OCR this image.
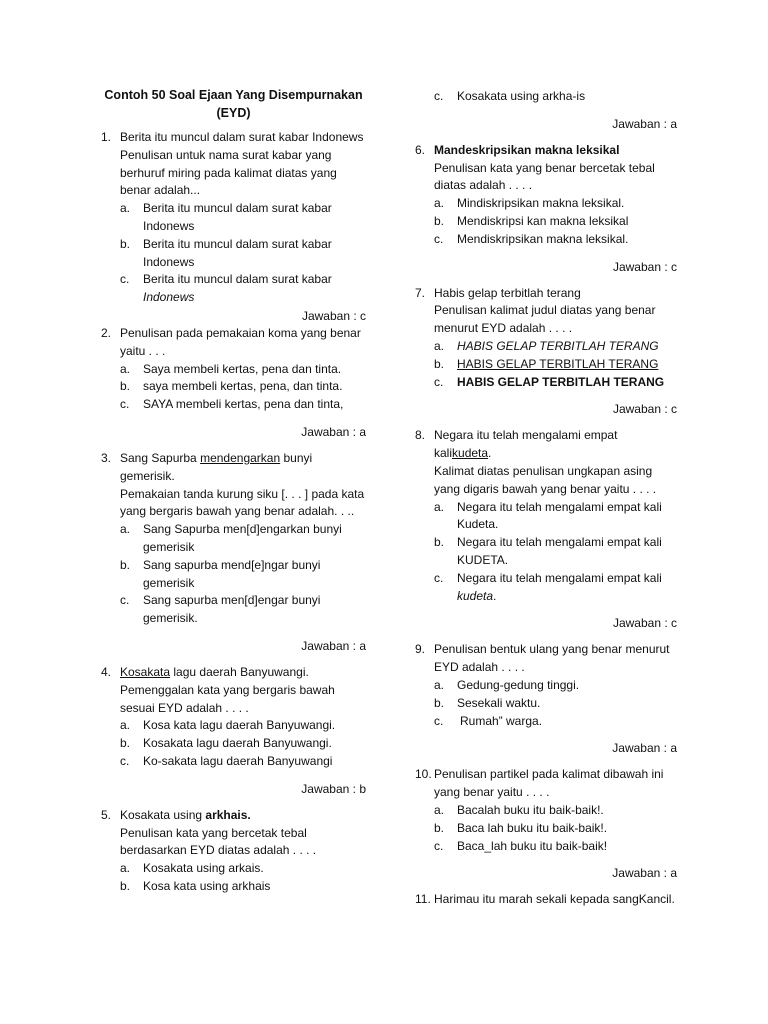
Contoh 50 Soal Ejaan Yang Disempurnakan
(EYD)
1. Berita itu muncul dalam surat kabar Indonews
Penulisan untuk nama surat kabar yang berhuruf miring pada kalimat diatas yang benar adalah...
a. Berita itu muncul dalam surat kabar Indonews
b. Berita itu muncul dalam surat kabar Indonews
c. Berita itu muncul dalam surat kabar
Indonews
Jawaban : c
2. Penulisan pada pemakaian koma yang benar yaitu . . .
a. Saya membeli kertas, pena dan tinta.
b. saya membeli kertas, pena, dan tinta.
c. SAYA membeli kertas, pena dan tinta,
Jawaban : a
3. Sang Sapurba mendengarkan bunyi gemerisik.
Pemakaian tanda kurung siku [. . . ] pada kata yang bergaris bawah yang benar adalah. . ..
a. Sang Sapurba men[d]engarkan bunyi gemerisik
b. Sang sapurba mend[e]ngar bunyi gemerisik
c. Sang sapurba men[d]engar bunyi gemerisik.
Jawaban : a
4. Kosakata lagu daerah Banyuwangi.
Pemenggalan kata yang bergaris bawah sesuai EYD adalah . . . .
a. Kosa kata lagu daerah Banyuwangi.
b. Kosakata lagu daerah Banyuwangi.
c. Ko-sakata lagu daerah Banyuwangi
Jawaban : b
5. Kosakata using arkhais.
Penulisan kata yang bercetak tebal berdasarkan EYD diatas adalah . . . .
a. Kosakata using arkais.
b. Kosa kata using arkhais
c. Kosakata using arkha-is
Jawaban : a
6. Mandeskripsikan makna leksikal
Penulisan kata yang benar bercetak tebal diatas adalah . . . .
a. Mindiskripsikan makna leksikal.
b. Mendiskripsi kan makna leksikal
c. Mendiskripsikan makna leksikal.
Jawaban : c
7. Habis gelap terbitlah terang
Penulisan kalimat judul diatas yang benar menurut EYD adalah . . . .
a. HABIS GELAP TERBITLAH TERANG
b. HABIS GELAP TERBITLAH TERANG
c. HABIS GELAP TERBITLAH TERANG
Jawaban : c
8. Negara itu telah mengalami empat kalikudeta.
Kalimat diatas penulisan ungkapan asing yang digaris bawah yang benar yaitu . . . .
a. Negara itu telah mengalami empat kali Kudeta.
b. Negara itu telah mengalami empat kali KUDETA.
c. Negara itu telah mengalami empat kali kudeta.
Jawaban : c
9. Penulisan bentuk ulang yang benar menurut EYD adalah . . . .
a. Gedung-gedung tinggi.
b. Sesekali waktu.
c. Rumah” warga.
Jawaban : a
10. Penulisan partikel pada kalimat dibawah ini yang benar yaitu . . . .
a. Bacalah buku itu baik-baik!.
b. Baca lah buku itu baik-baik!.
c. Baca_lah buku itu baik-baik!
Jawaban : a
11. Harimau itu marah sekali kepada sangKancil.
